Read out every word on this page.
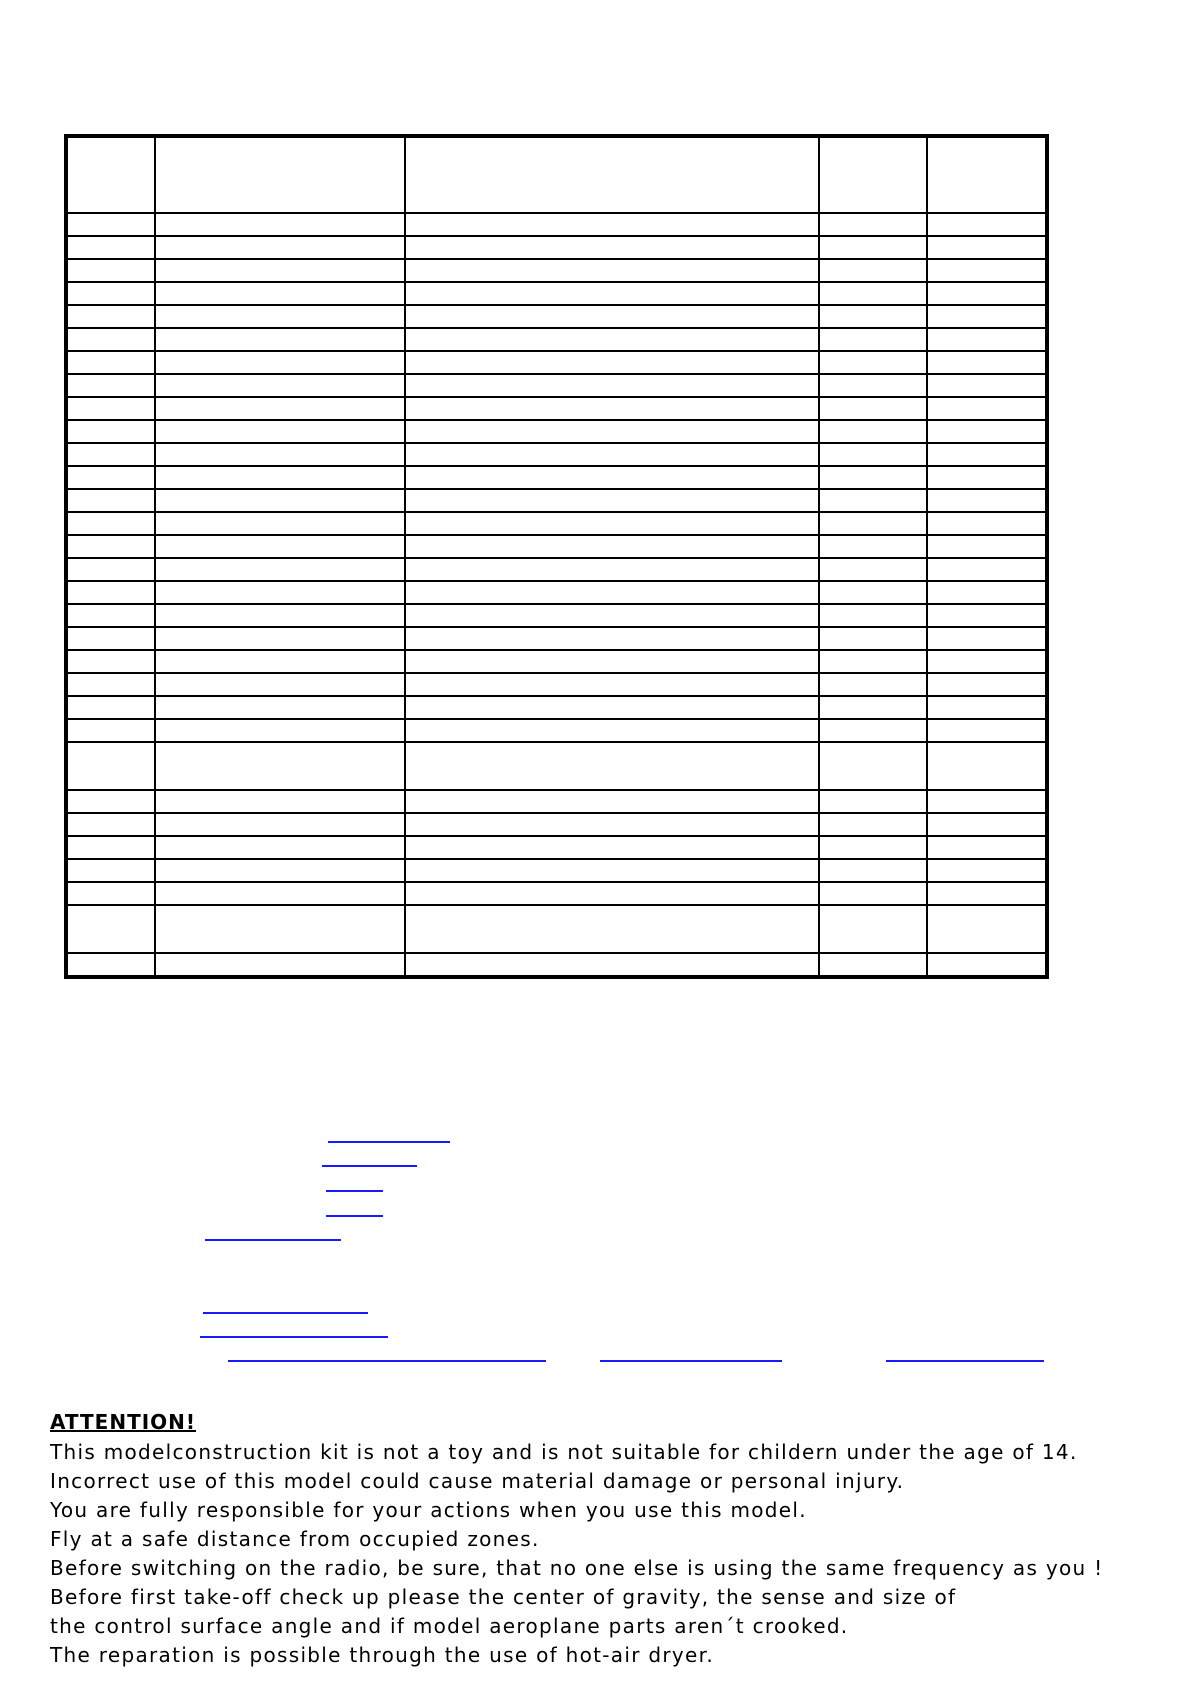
ATTENTION!
This modelconstruction kit is not a toy and is not suitable for childern under the age of 14.
Incorrect use of this model could cause material damage or personal injury.
You are fully responsible for your actions when you use this model.
Fly at a safe distance from occupied zones.
Before switching on the radio, be sure, that no one else is using the same frequency as you !
Before first take-off check up please the center of gravity, the sense and size of
the control surface angle and if model aeroplane parts aren´t crooked.
The reparation is possible through the use of hot-air dryer.
